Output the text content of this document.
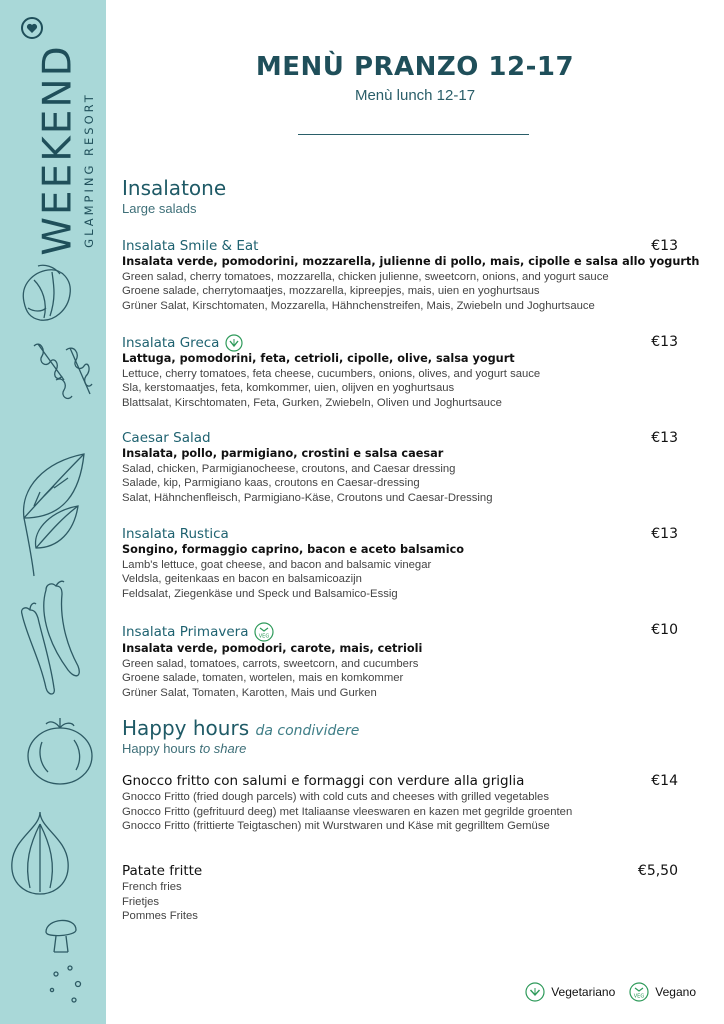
WEEKEND GLAMPING RESORT
MENÙ PRANZO 12-17
Menù lunch 12-17
Insalatone
Large salads
Insalata Smile & Eat	€13
Insalata verde, pomodorini, mozzarella, julienne di pollo, mais, cipolle e salsa allo yogurth
Green salad, cherry tomatoes, mozzarella, chicken julienne, sweetcorn, onions, and yogurt sauce
Groene salade, cherrytomaatjes, mozzarella, kipreepjes, mais, uien en yoghurtsaus
Grüner Salat, Kirschtomaten, Mozzarella, Hähnchenstreifen, Mais, Zwiebeln und Joghurtsauce
Insalata Greca	€13
Lattuga, pomodorini, feta, cetrioli, cipolle, olive, salsa yogurt
Lettuce, cherry tomatoes, feta cheese, cucumbers, onions, olives, and yogurt sauce
Sla, kerstomaatjes, feta, komkommer, uien, olijven en yoghurtsaus
Blattsalat, Kirschtomaten, Feta, Gurken, Zwiebeln, Oliven und Joghurtsauce
Caesar Salad	€13
Insalata, pollo, parmigiano, crostini e salsa caesar
Salad, chicken, Parmigianocheese, croutons, and Caesar dressing
Salade, kip, Parmigiano kaas, croutons en Caesar-dressing
Salat, Hähnchenfleisch, Parmigiano-Käse, Croutons und Caesar-Dressing
Insalata Rustica	€13
Songino, formaggio caprino, bacon e aceto balsamico
Lamb's lettuce, goat cheese, and bacon and balsamic vinegar
Veldsla, geitenkaas en bacon en balsamicoazijn
Feldsalat, Ziegenkäse und Speck und Balsamico-Essig
Insalata Primavera VEG	€10
Insalata verde, pomodori, carote, mais, cetrioli
Green salad, tomatoes, carrots, sweetcorn, and cucumbers
Groene salade, tomaten, wortelen, mais en komkommer
Grüner Salat, Tomaten, Karotten, Mais und Gurken
Happy hours da condividere
Happy hours to share
Gnocco fritto con salumi e formaggi con verdure alla griglia	€14
Gnocco Fritto (fried dough parcels) with cold cuts and cheeses with grilled vegetables
Gnocco Fritto (gefrituurd deeg) met Italiaanse vleeswaren en kazen met gegrilde groenten
Gnocco Fritto (frittierte Teigtaschen) mit Wurstwaren und Käse mit gegrilltem Gemüse
Patate fritte	€5,50
French fries
Frietjes
Pommes Frites
Vegetariano	VEG Vegano
